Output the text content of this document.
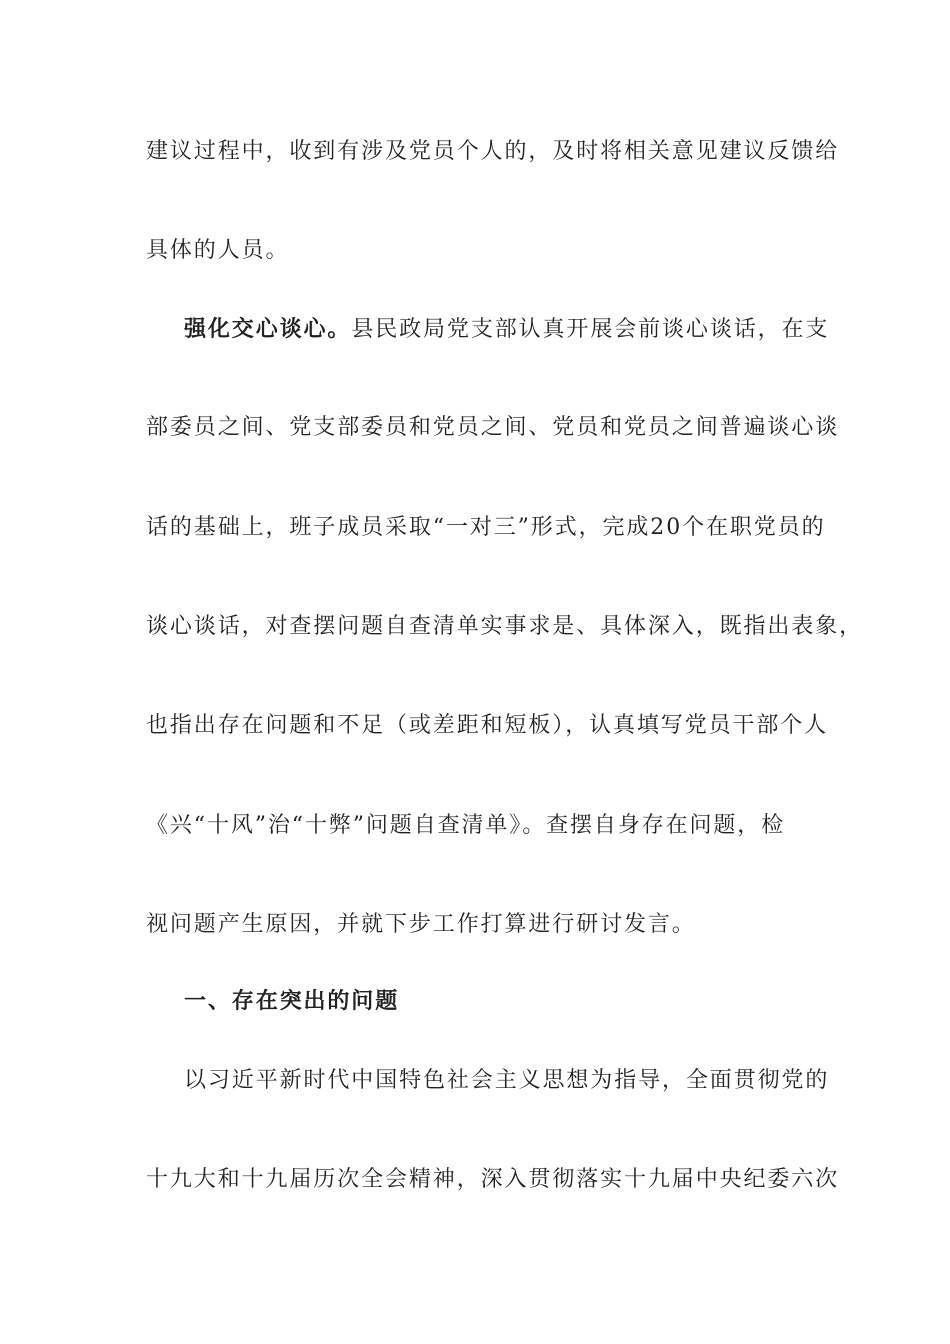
建议过程中，收到有涉及党员个人的，及时将相关意见建议反馈给
具体的人员。
强化交心谈心。县民政局党支部认真开展会前谈心谈话，在支
部委员之间、党支部委员和党员之间、党员和党员之间普遍谈心谈
话的基础上，班子成员采取“一对三”形式，完成20个在职党员的
谈心谈话，对查摆问题自查清单实事求是、具体深入，既指出表象，
也指出存在问题和不足（或差距和短板），认真填写党员干部个人
《兴“十风”治“十弊”问题自查清单》。查摆自身存在问题，检
视问题产生原因，并就下步工作打算进行研讨发言。
一、存在突出的问题
以习近平新时代中国特色社会主义思想为指导，全面贯彻党的
十九大和十九届历次全会精神，深入贯彻落实十九届中央纪委六次
